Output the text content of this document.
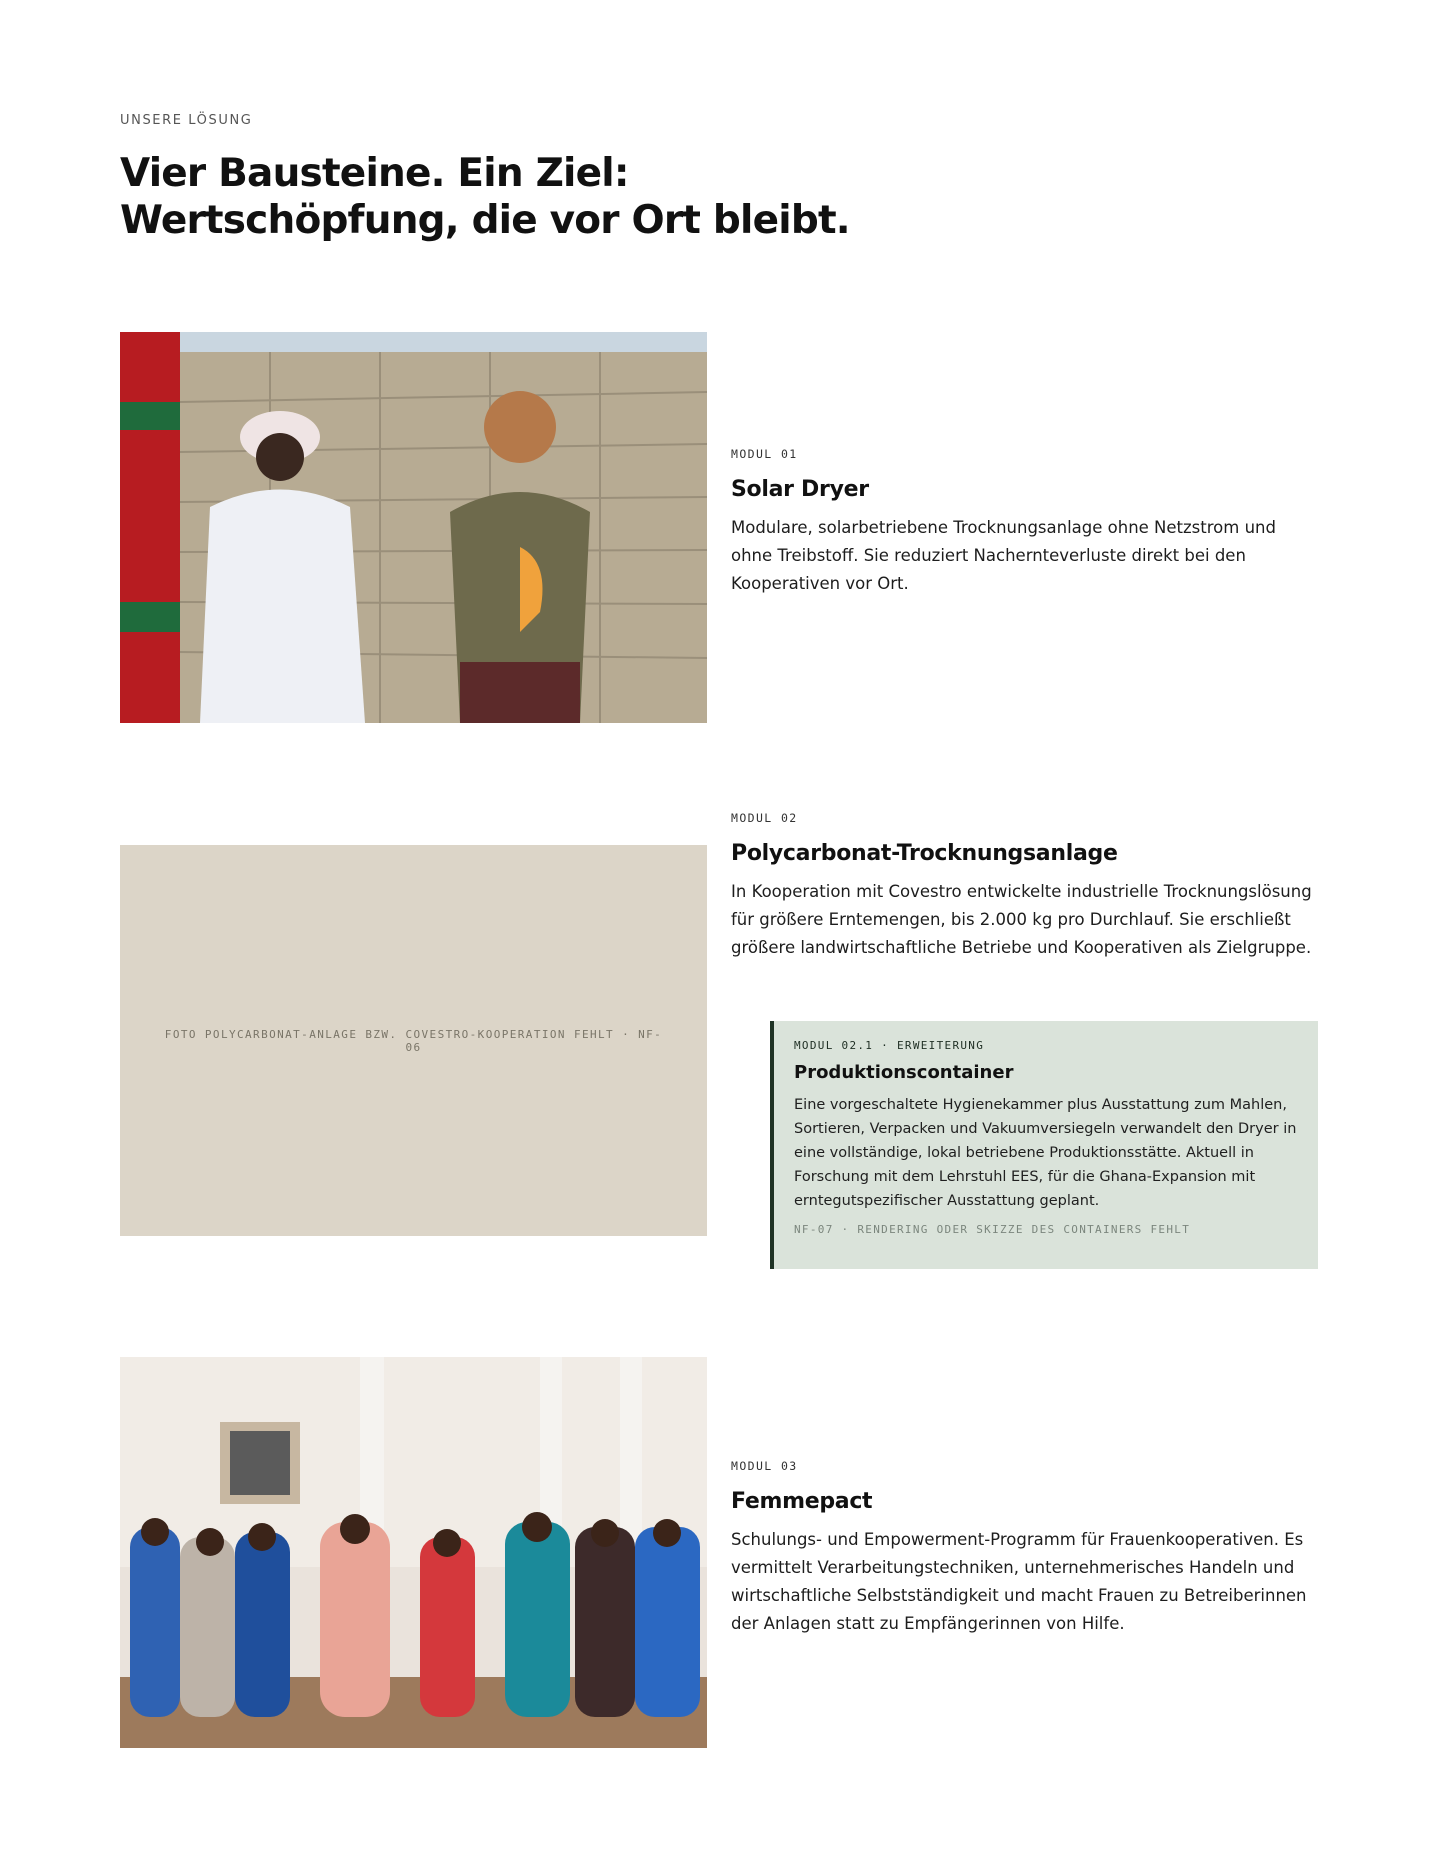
UNSERE LÖSUNG
Vier Bausteine. Ein Ziel: Wertschöpfung, die vor Ort bleibt.
MODUL 01
Solar Dryer
Modulare, solarbetriebene Trocknungsanlage ohne Netzstrom und ohne Treibstoff. Sie reduziert Nachernteverluste direkt bei den Kooperativen vor Ort.
FOTO POLYCARBONAT-ANLAGE BZW. COVESTRO-KOOPERATION FEHLT · NF-06
MODUL 02
Polycarbonat-Trocknungsanlage
In Kooperation mit Covestro entwickelte industrielle Trocknungslösung für größere Erntemengen, bis 2.000 kg pro Durchlauf. Sie erschließt größere landwirtschaftliche Betriebe und Kooperativen als Zielgruppe.
MODUL 02.1 · ERWEITERUNG
Produktionscontainer
Eine vorgeschaltete Hygienekammer plus Ausstattung zum Mahlen, Sortieren, Verpacken und Vakuumversiegeln verwandelt den Dryer in eine vollständige, lokal betriebene Produktionsstätte. Aktuell in Forschung mit dem Lehrstuhl EES, für die Ghana-Expansion mit erntegutspezifischer Ausstattung geplant.
NF-07 · RENDERING ODER SKIZZE DES CONTAINERS FEHLT
MODUL 03
Femmepact
Schulungs- und Empowerment-Programm für Frauenkooperativen. Es vermittelt Verarbeitungstechniken, unternehmerisches Handeln und wirtschaftliche Selbstständigkeit und macht Frauen zu Betreiberinnen der Anlagen statt zu Empfängerinnen von Hilfe.
